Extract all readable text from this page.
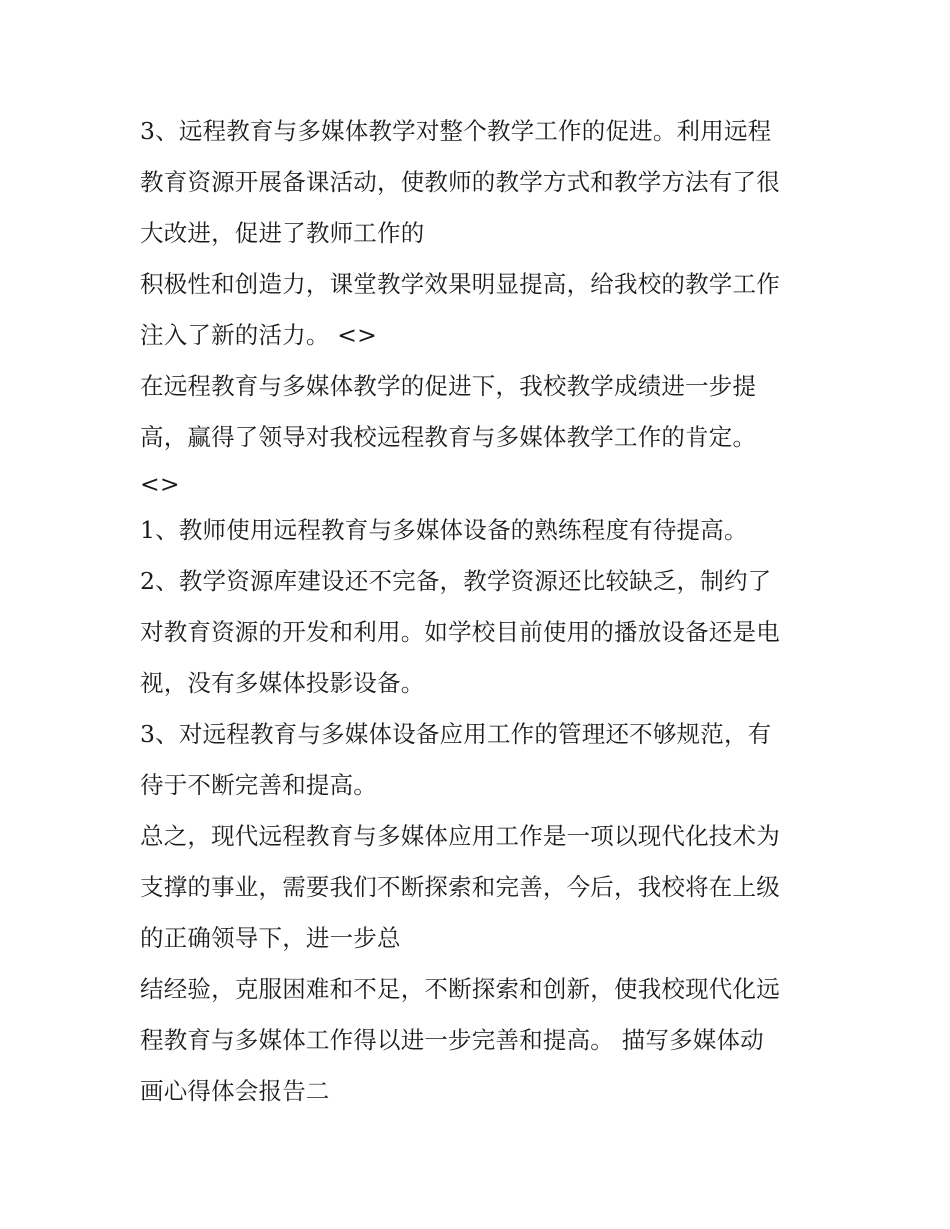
3、远程教育与多媒体教学对整个教学工作的促进。利用远程
教育资源开展备课活动，使教师的教学方式和教学方法有了很
大改进，促进了教师工作的
积极性和创造力，课堂教学效果明显提高，给我校的教学工作
注入了新的活力。 <>
在远程教育与多媒体教学的促进下，我校教学成绩进一步提
高，赢得了领导对我校远程教育与多媒体教学工作的肯定。
<>
1、教师使用远程教育与多媒体设备的熟练程度有待提高。
2、教学资源库建设还不完备，教学资源还比较缺乏，制约了
对教育资源的开发和利用。如学校目前使用的播放设备还是电
视，没有多媒体投影设备。
3、对远程教育与多媒体设备应用工作的管理还不够规范，有
待于不断完善和提高。
总之，现代远程教育与多媒体应用工作是一项以现代化技术为
支撑的事业，需要我们不断探索和完善，今后，我校将在上级
的正确领导下，进一步总
结经验，克服困难和不足，不断探索和创新，使我校现代化远
程教育与多媒体工作得以进一步完善和提高。 描写多媒体动
画心得体会报告二
